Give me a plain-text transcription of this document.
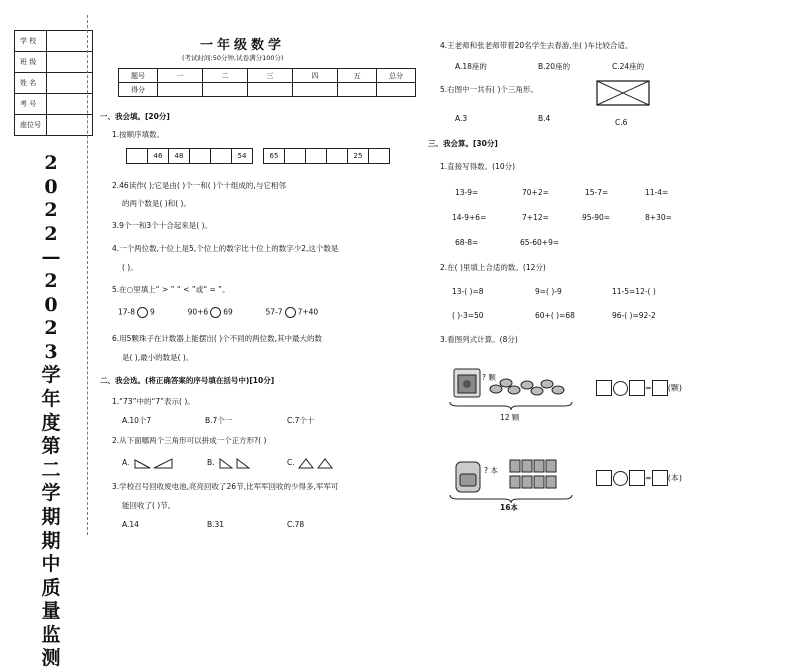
学 校	
班 级	
姓 名	
考 号	
座位号	
2
0
2
2
—
2
0
2
3
学
年
度
第
二
学
期
期
中
质
量
监
测
一年级数学
(考试时间:50分钟,试卷满分100分)
题号	一	二	三	四	五	总分
得分						
一、我会填。[20分]
1.按顺序填数。
	46	48			54		65				25	
2.46读作( );它是由( )个一和( )个十组成的,与它相邻
的两个数是( )和( )。
3.9个一和3个十合起来是( )。
4.一个两位数,十位上是5,个位上的数字比十位上的数字少2,这个数是
( )。
5.在○里填上“ > ” “ < ”或“ = ”。
17-8 9	90+6 69	57-7 7+40
6.用5颗珠子在计数器上能摆出( )个不同的两位数,其中最大的数
是( ),最小的数是( )。
二、我会选。(将正确答案的序号填在括号中)[10分]
1.“73”中的“7”表示( )。
A.10个7	B.7个一	C.7个十
2.从下面哪两个三角形可以拼成一个正方形?( )
A.	B.	C.
3.学校召号回收废电池,亮亮回收了26节,比军军回收的少得多,军军可
能回收了( )节。
A.14	B.31	C.78
4.王老师和张老师带着20名学生去春游,坐( )车比较合适。
A.18座的	B.20座的	C.24座的
5.右图中一共有( )个三角形。
A.3	B.4	C.6
三、我会算。[30分]
1.直接写得数。(10分)
13-9=	70+2=	15-7=	11-4=
14-9+6=	7+12=	95-90=	8+30=
68-8=	65-60+9=
2.在( )里填上合适的数。(12分)
13-( )=8	9=( )-9	11-5=12-( )
( )-3=50	60+( )=68	96-( )=92-2
3.看图列式计算。(8分)
? 颗
12 颗
= (颗)
? 本
16本
= (本)
